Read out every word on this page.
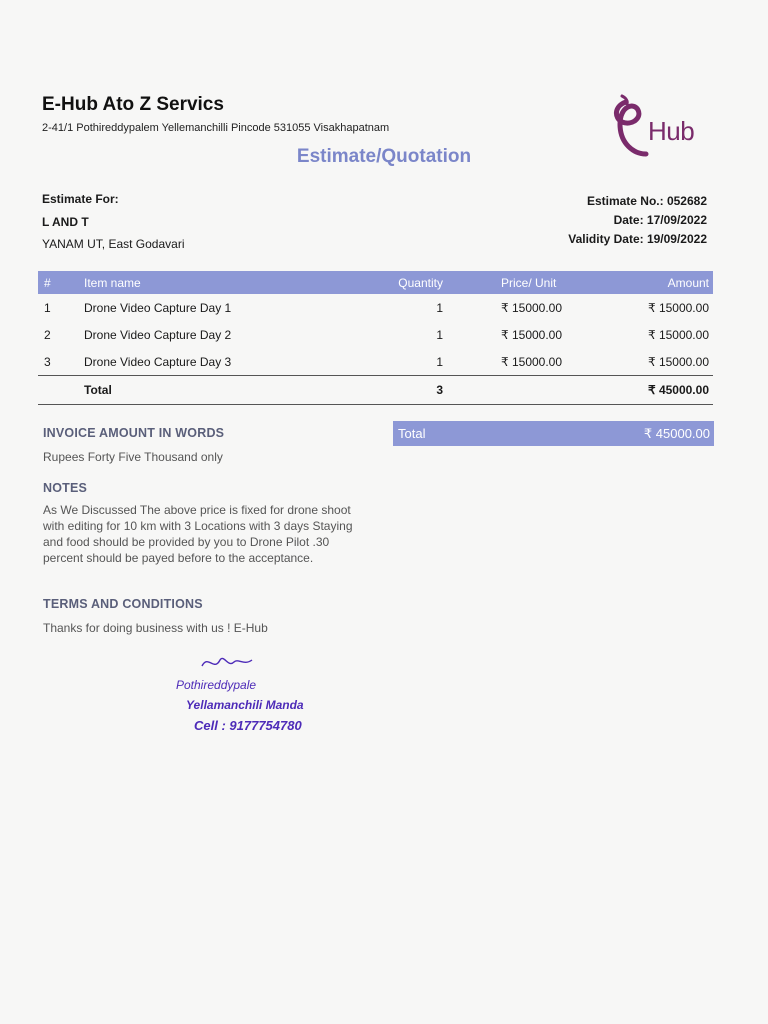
E-Hub Ato Z Servics
2-41/1 Pothireddypalem Yellemanchilli Pincode 531055 Visakhapatnam	Hub
Estimate/Quotation
Estimate For:
L AND T
YANAM UT, East Godavari
Estimate No.: 052682
Date: 17/09/2022
Validity Date: 19/09/2022
#	Item name	Quantity	Price/ Unit	Amount
1	Drone Video Capture Day 1	1	₹ 15000.00	₹ 15000.00
2	Drone Video Capture Day 2	1	₹ 15000.00	₹ 15000.00
3	Drone Video Capture Day 3	1	₹ 15000.00	₹ 15000.00
	Total	3		₹ 45000.00
Total	₹ 45000.00
INVOICE AMOUNT IN WORDS
Rupees Forty Five Thousand only
NOTES
As We Discussed The above price is fixed for drone shoot with editing for 10 km with 3 Locations with 3 days Staying and food should be provided by you to Drone Pilot .30 percent should be payed before to the acceptance.
TERMS AND CONDITIONS
Thanks for doing business with us ! E-Hub
Pothireddypale
Yellamanchili Manda
Cell : 9177754780
